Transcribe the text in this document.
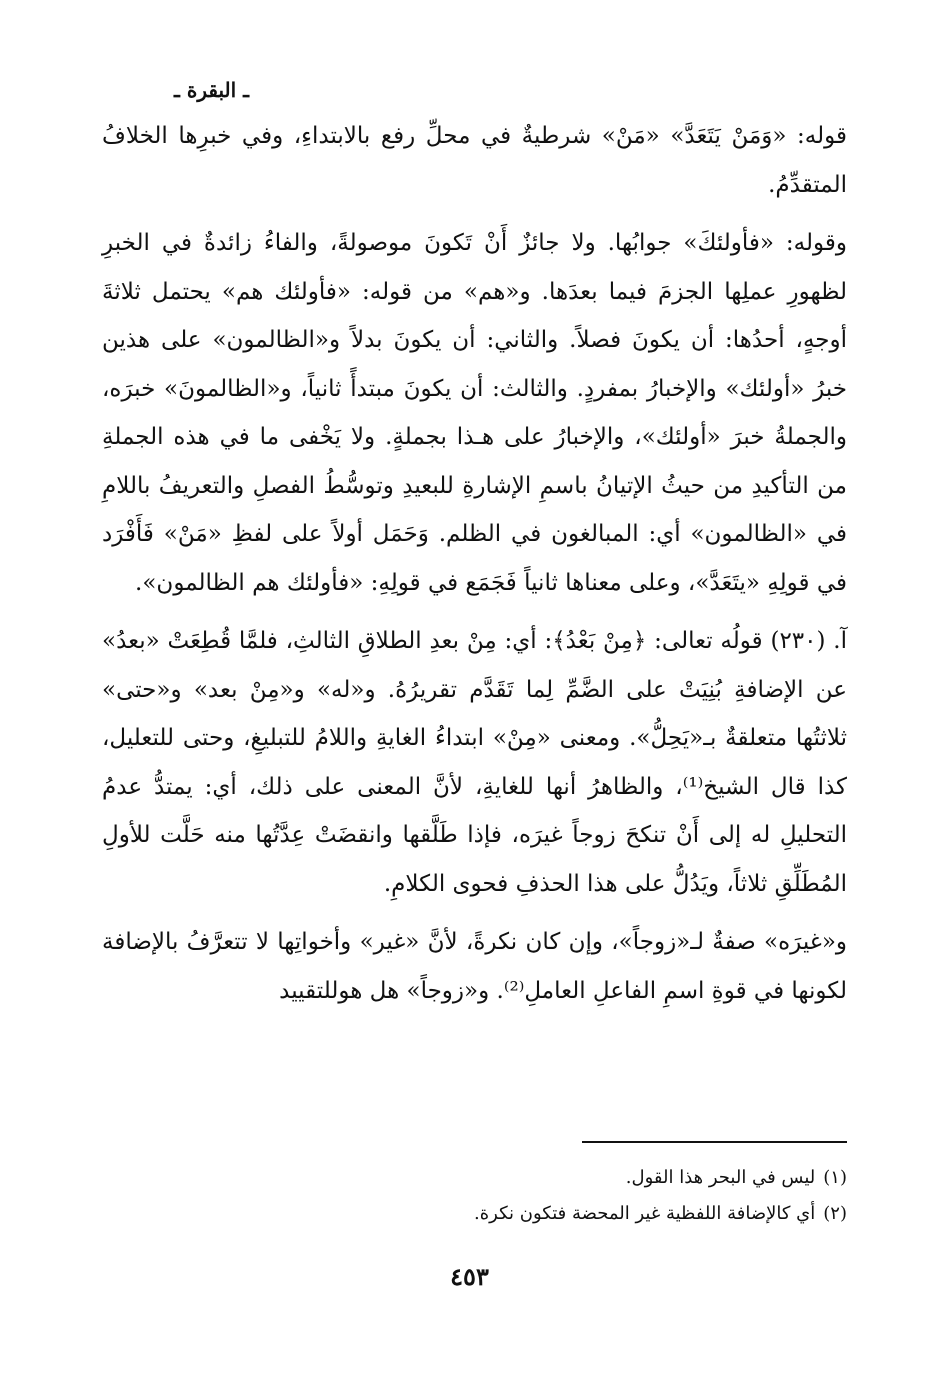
ـ البقرة ـ

قوله: «وَمَنْ يَتَعَدَّ» «مَنْ» شرطيةٌ في محلِّ رفع بالابتداءِ، وفي خبرِها الخلافُ المتقدِّمُ.

وقوله: «فأولئكَ» جوابُها. ولا جائزٌ أَنْ تَكونَ موصولةً، والفاءُ زائدةٌ في الخبرِ لظهورِ عملِها الجزمَ فيما بعدَها. و«هم» من قوله: «فأولئك هم» يحتمل ثلاثةَ أوجهٍ، أحدُها: أن يكونَ فصلاً. والثاني: أن يكونَ بدلاً و«الظالمون» على هذين خبرُ «أولئك» والإخبارُ بمفردٍ. والثالث: أن يكونَ مبتدأً ثانياً، و«الظالمونَ» خبرَه، والجملةُ خبرَ «أولئك»، والإخبارُ على هـذا بجملةٍ. ولا يَخْفى ما في هذه الجملةِ من التأكيدِ من حيثُ الإتيانُ باسمِ الإشارةِ للبعيدِ وتوسُّطُ الفصلِ والتعريفُ باللامِ في «الظالمون» أي: المبالغون في الظلم. وَحَمَل أولاً على لفظِ «مَنْ» فَأَفْرَد في قولِهِ «يتَعَدَّ»، وعلى معناها ثانياً فَجَمَع في قولِهِ: «فأولئك هم الظالمون».

آ. (٢٣٠) قولُه تعالى: ﴿مِنْ بَعْدُ﴾: أي: مِنْ بعدِ الطلاقِ الثالثِ، فلمَّا قُطِعَتْ «بعدُ» عن الإضافةِ بُنِيَتْ على الضَّمِّ لِما تَقَدَّم تقريرُهُ. و«له» و«مِنْ بعد» و«حتى» ثلاثتُها متعلقةٌ بـ«يَحِلُّ». ومعنى «مِنْ» ابتداءُ الغايةِ واللامُ للتبليغِ، وحتى للتعليل، كذا قال الشيخ⁽¹⁾، والظاهرُ أنها للغايةِ، لأنَّ المعنى على ذلك، أي: يمتدُّ عدمُ التحليلِ له إلى أَنْ تنكحَ زوجاً غيرَه، فإذا طَلَّقها وانقضَتْ عِدَّتُها منه حَلَّت للأولِ المُطَلِّقِ ثلاثاً، ويَدُلُّ على هذا الحذفِ فحوى الكلامِ.

و«غيرَه» صفةٌ لـ«زوجاً»، وإن كان نكرةً، لأنَّ «غير» وأخواتِها لا تتعرَّفُ بالإضافة لكونها في قوةِ اسمِ الفاعلِ العاملِ⁽²⁾. و«زوجاً» هل هوللتقييد

(١)ليس في البحر هذا القول.

(٢)أي كالإضافة اللفظية غير المحضة فتكون نكرة.

٤٥٣
